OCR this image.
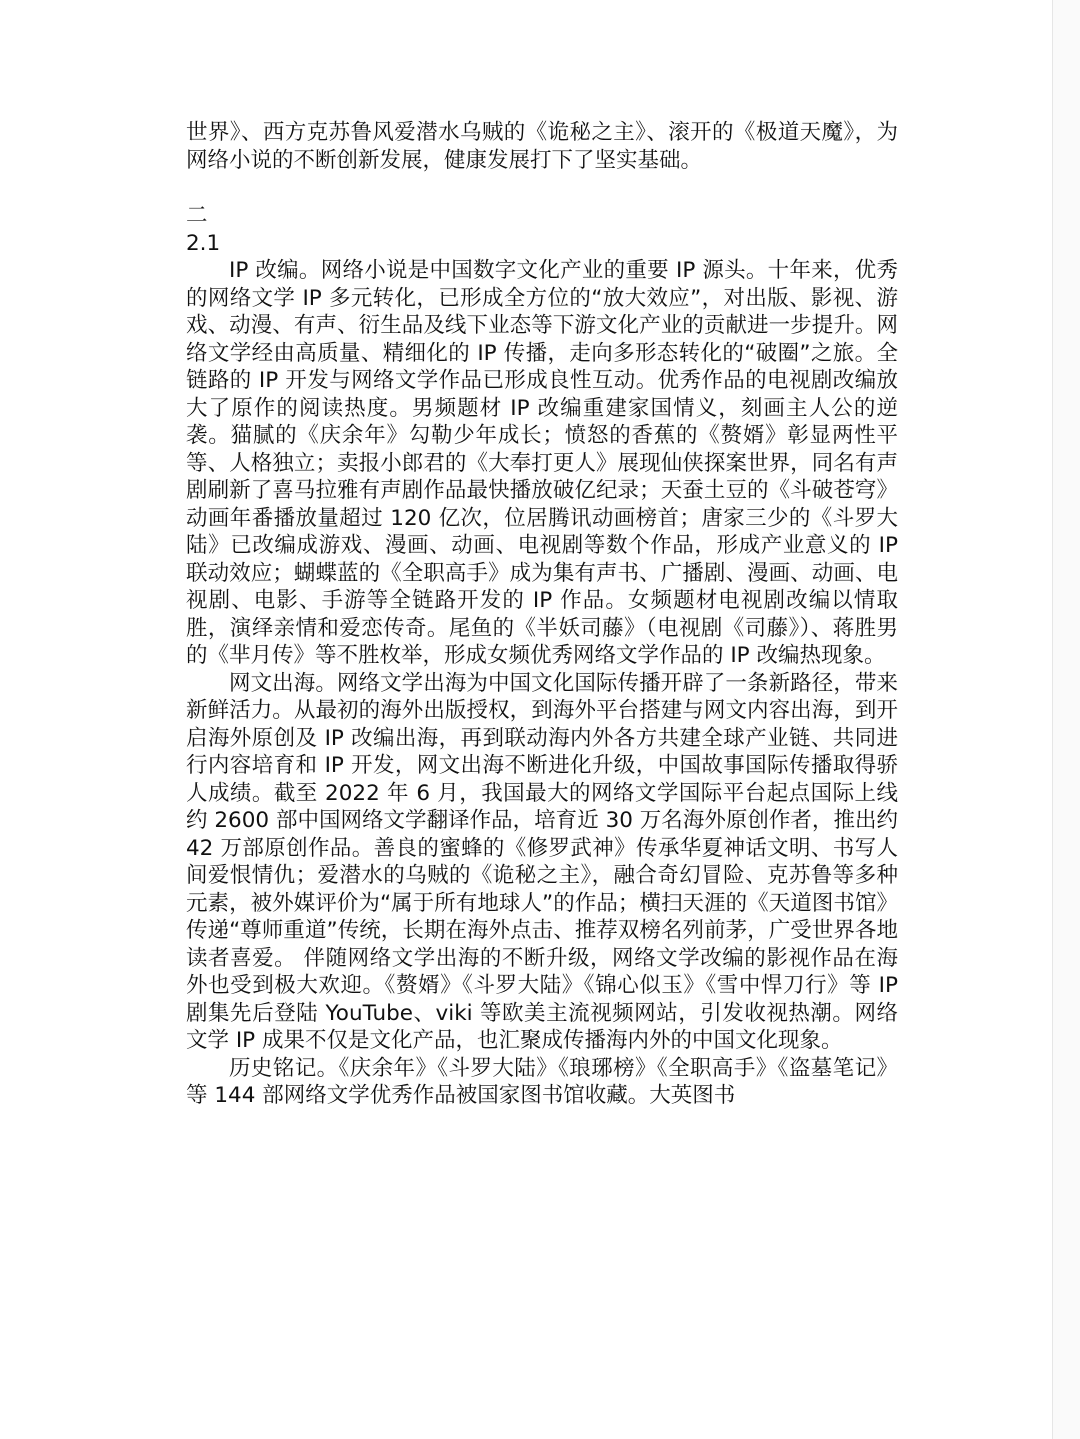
世界》、西方克苏鲁风爱潜水乌贼的《诡秘之主》、滚开的《极道天魔》，为网络小说的不断创新发展，健康发展打下了坚实基础。

二

2.1

IP 改编。网络小说是中国数字文化产业的重要 IP 源头。十年来，优秀的网络文学 IP 多元转化，已形成全方位的“放大效应”，对出版、影视、游戏、动漫、有声、衍生品及线下业态等下游文化产业的贡献进一步提升。网络文学经由高质量、精细化的 IP 传播，走向多形态转化的“破圈”之旅。全链路的 IP 开发与网络文学作品已形成良性互动。优秀作品的电视剧改编放大了原作的阅读热度。男频题材 IP 改编重建家国情义，刻画主人公的逆袭。猫腻的《庆余年》勾勒少年成长；愤怒的香蕉的《赘婿》彰显两性平等、人格独立；卖报小郎君的《大奉打更人》展现仙侠探案世界，同名有声剧刷新了喜马拉雅有声剧作品最快播放破亿纪录；天蚕土豆的《斗破苍穹》动画年番播放量超过 120 亿次，位居腾讯动画榜首；唐家三少的《斗罗大陆》已改编成游戏、漫画、动画、电视剧等数个作品，形成产业意义的 IP 联动效应；蝴蝶蓝的《全职高手》成为集有声书、广播剧、漫画、动画、电视剧、电影、手游等全链路开发的 IP 作品。女频题材电视剧改编以情取胜，演绎亲情和爱恋传奇。尾鱼的《半妖司藤》（电视剧《司藤》）、蒋胜男的《芈月传》等不胜枚举，形成女频优秀网络文学作品的 IP 改编热现象。

网文出海。网络文学出海为中国文化国际传播开辟了一条新路径，带来新鲜活力。从最初的海外出版授权，到海外平台搭建与网文内容出海，到开启海外原创及 IP 改编出海，再到联动海内外各方共建全球产业链、共同进行内容培育和 IP 开发，网文出海不断进化升级，中国故事国际传播取得骄人成绩。截至 2022 年 6 月，我国最大的网络文学国际平台起点国际上线约 2600 部中国网络文学翻译作品，培育近 30 万名海外原创作者，推出约 42 万部原创作品。善良的蜜蜂的《修罗武神》传承华夏神话文明、书写人间爱恨情仇；爱潜水的乌贼的《诡秘之主》，融合奇幻冒险、克苏鲁等多种元素，被外媒评价为“属于所有地球人”的作品；横扫天涯的《天道图书馆》传递“尊师重道”传统，长期在海外点击、推荐双榜名列前茅，广受世界各地读者喜爱。 伴随网络文学出海的不断升级，网络文学改编的影视作品在海外也受到极大欢迎。《赘婿》《斗罗大陆》《锦心似玉》《雪中悍刀行》等 IP 剧集先后登陆 YouTube、viki 等欧美主流视频网站，引发收视热潮。网络文学 IP 成果不仅是文化产品，也汇聚成传播海内外的中国文化现象。

历史铭记。《庆余年》《斗罗大陆》《琅琊榜》《全职高手》《盗墓笔记》等 144 部网络文学优秀作品被国家图书馆收藏。大英图书
